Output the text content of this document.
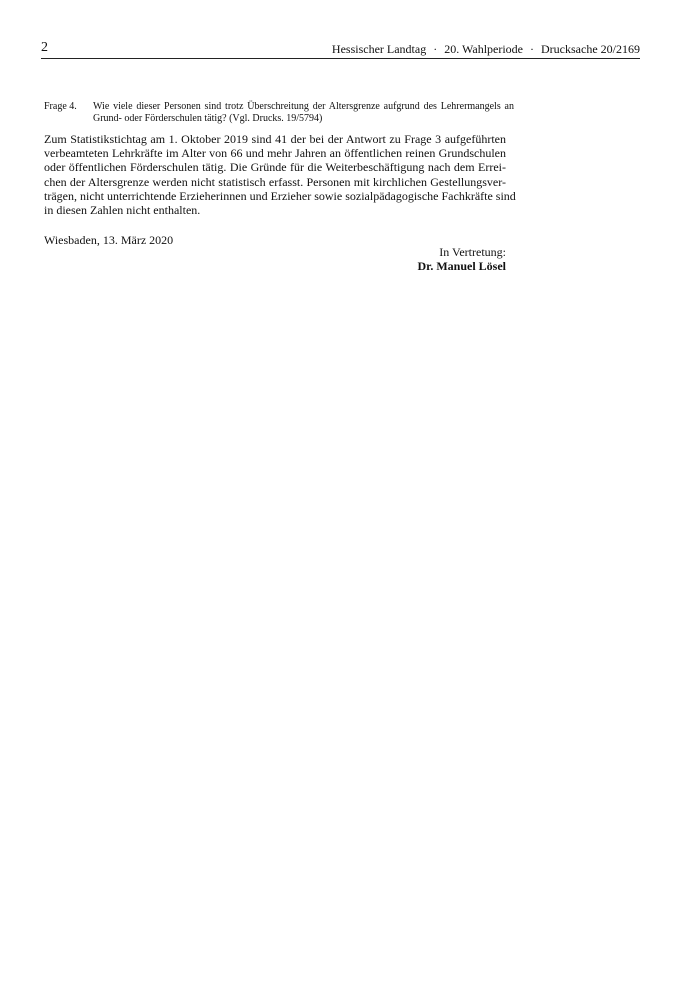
2	Hessischer Landtag · 20. Wahlperiode · Drucksache 20/2169
Frage 4. Wie viele dieser Personen sind trotz Überschreitung der Altersgrenze aufgrund des Lehrermangels an Grund- oder Förderschulen tätig? (Vgl. Drucks. 19/5794)
Zum Statistikstichtag am 1. Oktober 2019 sind 41 der bei der Antwort zu Frage 3 aufgeführten
verbeamteten Lehrkräfte im Alter von 66 und mehr Jahren an öffentlichen reinen Grundschulen
oder öffentlichen Förderschulen tätig. Die Gründe für die Weiterbeschäftigung nach dem Errei-
chen der Altersgrenze werden nicht statistisch erfasst. Personen mit kirchlichen Gestellungsver-
trägen, nicht unterrichtende Erzieherinnen und Erzieher sowie sozialpädagogische Fachkräfte sind
in diesen Zahlen nicht enthalten.
Wiesbaden, 13. März 2020
In Vertretung:
Dr. Manuel Lösel
